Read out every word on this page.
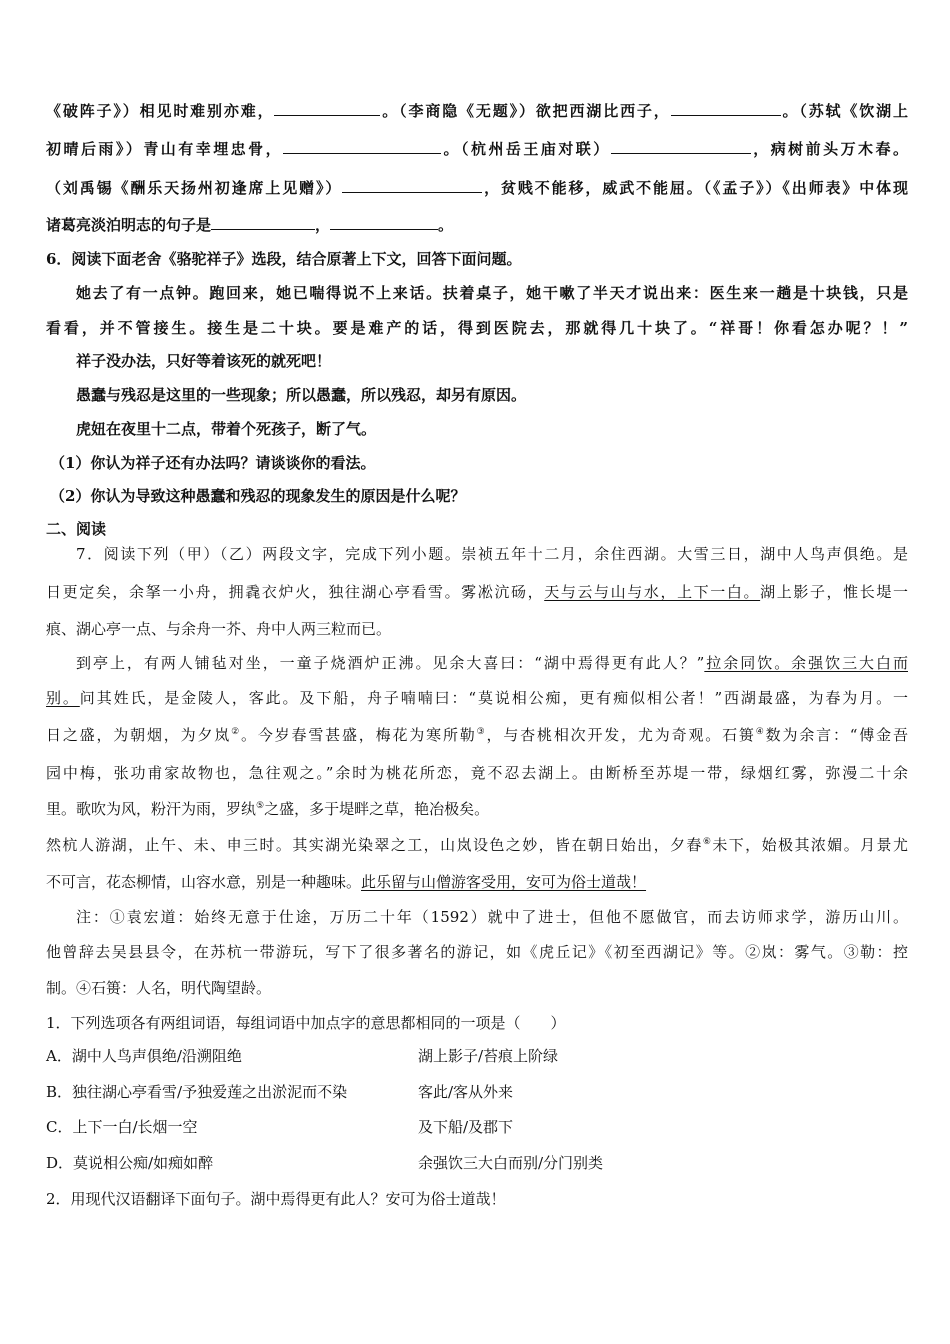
《破阵子》）相见时难别亦难，	。（李商隐《无题》）欲把西湖比西子，	。（苏轼《饮湖上
初晴后雨》）青山有幸埋忠骨，	。（杭州岳王庙对联）	，病树前头万木春。
（刘禹锡《酬乐天扬州初逢席上见赠》）	，贫贱不能移，威武不能屈。（《孟子》）《出师表》中体现
诸葛亮淡泊明志的句子是	，	。
6．阅读下面老舍《骆驼祥子》选段，结合原著上下文，回答下面问题。
她去了有一点钟。跑回来，她已喘得说不上来话。扶着桌子，她干嗽了半天才说出来：医生来一趟是十块钱，只是
看看，并不管接生。接生是二十块。要是难产的话，得到医院去，那就得几十块了。“祥哥！你看怎办呢？！”
祥子没办法，只好等着该死的就死吧！
愚蠢与残忍是这里的一些现象；所以愚蠢，所以残忍，却另有原因。
虎妞在夜里十二点，带着个死孩子，断了气。
（1）你认为祥子还有办法吗？请谈谈你的看法。
（2）你认为导致这种愚蠢和残忍的现象发生的原因是什么呢？
二、阅读
7．阅读下列（甲）（乙）两段文字，完成下列小题。崇祯五年十二月，余住西湖。大雪三日，湖中人鸟声俱绝。是
日更定矣，余拏一小舟，拥毳衣炉火，独往湖心亭看雪。雾凇沆砀，天与云与山与水，上下一白。湖上影子，惟长堤一
痕、湖心亭一点、与余舟一芥、舟中人两三粒而已。
到亭上，有两人铺毡对坐，一童子烧酒炉正沸。见余大喜曰：“湖中焉得更有此人？”拉余同饮。余强饮三大白而
别。问其姓氏，是金陵人，客此。及下船，舟子喃喃曰：“莫说相公痴，更有痴似相公者！”西湖最盛，为春为月。一
日之盛，为朝烟，为夕岚②。今岁春雪甚盛，梅花为寒所勒③，与杏桃相次开发，尤为奇观。石篑④数为余言：“傅金吾
园中梅，张功甫家故物也，急往观之。”余时为桃花所恋，竟不忍去湖上。由断桥至苏堤一带，绿烟红雾，弥漫二十余
里。歌吹为风，粉汗为雨，罗纨⑤之盛，多于堤畔之草，艳冶极矣。
然杭人游湖，止午、未、申三时。其实湖光染翠之工，山岚设色之妙，皆在朝日始出，夕舂⑥未下，始极其浓媚。月景尤
不可言，花态柳情，山容水意，别是一种趣味。此乐留与山僧游客受用，安可为俗士道哉！
注：①袁宏道：始终无意于仕途，万历二十年（1592）就中了进士，但他不愿做官，而去访师求学，游历山川。
他曾辞去吴县县令，在苏杭一带游玩，写下了很多著名的游记，如《虎丘记》《初至西湖记》等。②岚：雾气。③勒：控
制。④石篑：人名，明代陶望龄。
1．下列选项各有两组词语，每组词语中加点字的意思都相同的一项是（　　）
A．湖中人鸟声俱绝/沿溯阻绝	湖上影子/苔痕上阶绿
B．独往湖心亭看雪/予独爱莲之出淤泥而不染	客此/客从外来
C．上下一白/长烟一空	及下船/及郡下
D．莫说相公痴/如痴如醉	余强饮三大白而别/分门别类
2．用现代汉语翻译下面句子。湖中焉得更有此人？安可为俗士道哉！
